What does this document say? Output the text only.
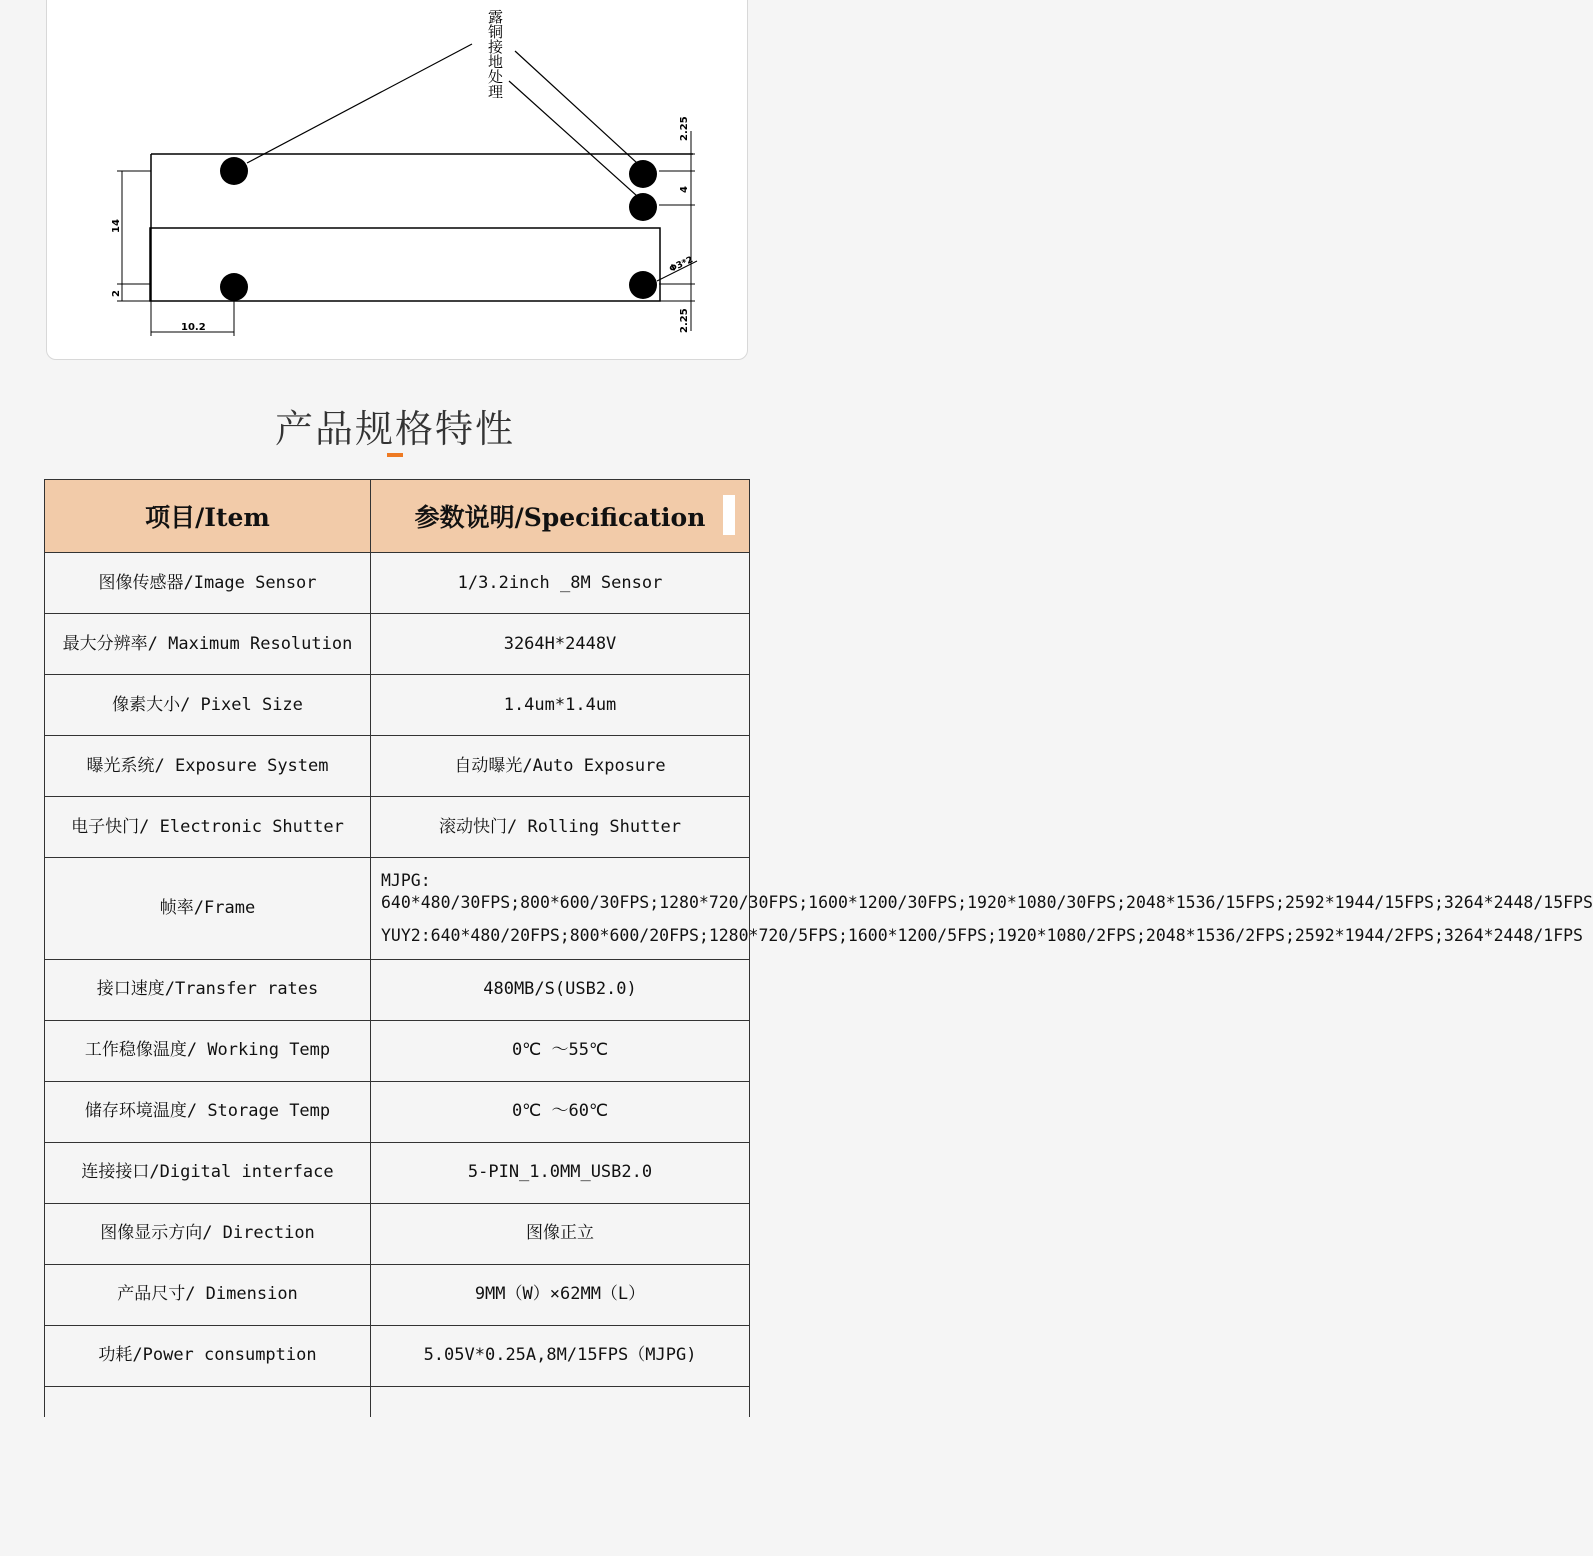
露铜接地处理
2.25
4
2.25
Φ3*2
14
2
10.2
产品规格特性
项目/Item	参数说明/Specification

图像传感器/Image Sensor	1/3.2inch _8M Sensor
最大分辨率/ Maximum Resolution	3264H*2448V
像素大小/ Pixel Size	1.4um*1.4um
曝光系统/ Exposure System	自动曝光/Auto Exposure
电子快门/ Electronic Shutter	滚动快门/ Rolling Shutter
帧率/Frame	MJPG: 640*480/30FPS;800*600/30FPS;1280*720/30FPS;1600*1200/30FPS;1920*1080/30FPS;2048*1536/15FPS;2592*1944/15FPS;3264*2448/15FPS

YUY2:640*480/20FPS;800*600/20FPS;1280*720/5FPS;1600*1200/5FPS;1920*1080/2FPS;2048*1536/2FPS;2592*1944/2FPS;3264*2448/1FPS

接口速度/Transfer rates	480MB/S(USB2.0)
工作稳像温度/ Working Temp	0℃ ～55℃
储存环境温度/ Storage Temp	0℃ ～60℃
连接接口/Digital interface	5-PIN_1.0MM_USB2.0
图像显示方向/ Direction	图像正立
产品尺寸/ Dimension	9MM（W）×62MM（L）
功耗/Power consumption	5.05V*0.25A,8M/15FPS（MJPG)
